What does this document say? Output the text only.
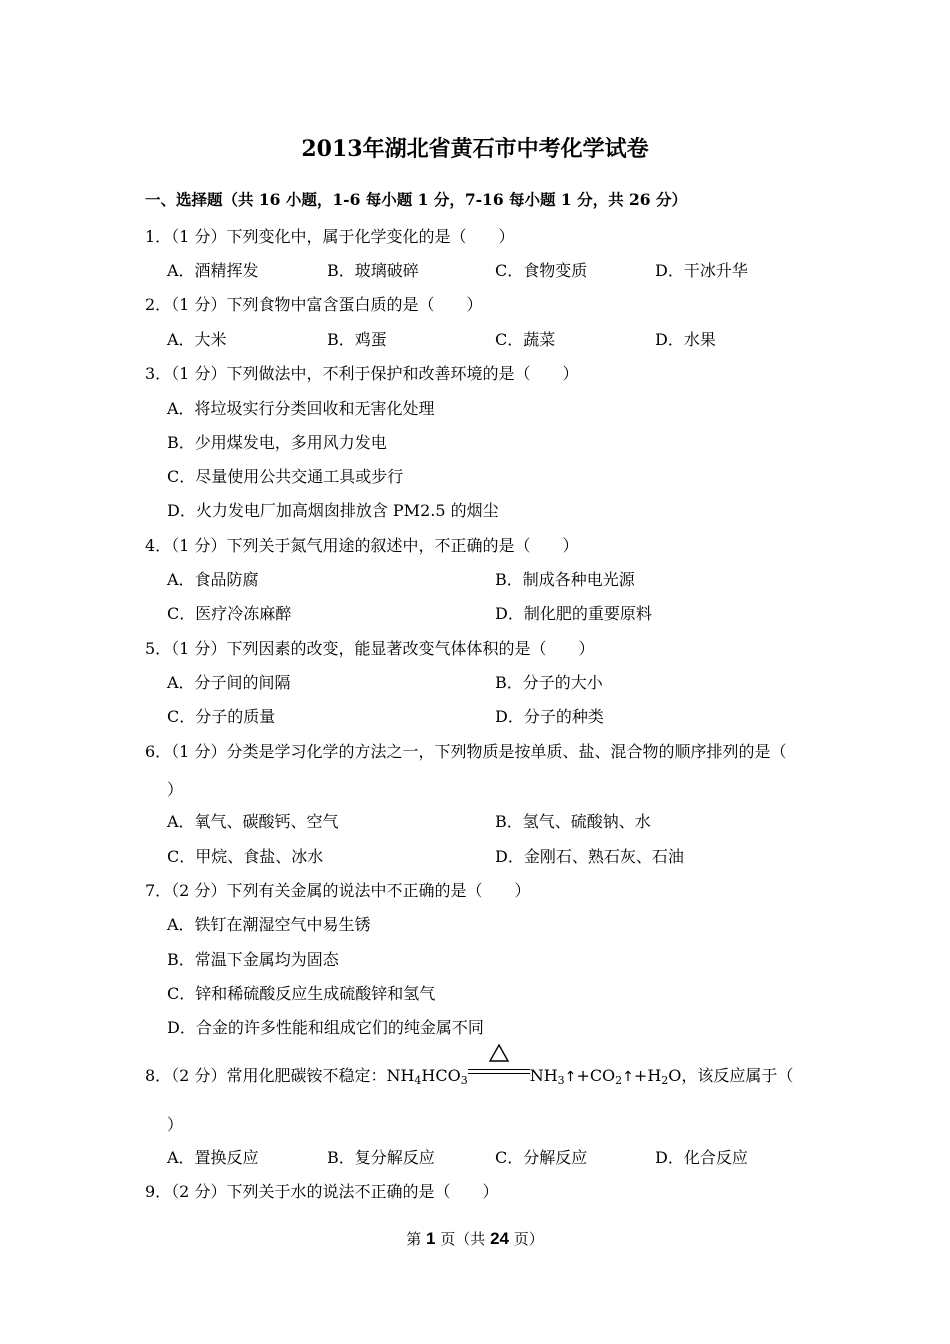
2013年湖北省黄石市中考化学试卷
一、选择题（共 16 小题，1-6 每小题 1 分，7-16 每小题 1 分，共 26 分）
1．（1 分）下列变化中，属于化学变化的是（　　）
A．酒精挥发	B．玻璃破碎	C．食物变质	D．干冰升华
2．（1 分）下列食物中富含蛋白质的是（　　）
A．大米	B．鸡蛋	C．蔬菜	D．水果
3．（1 分）下列做法中，不利于保护和改善环境的是（　　）
A．将垃圾实行分类回收和无害化处理
B．少用煤发电，多用风力发电
C．尽量使用公共交通工具或步行
D．火力发电厂加高烟囱排放含 PM2.5 的烟尘
4．（1 分）下列关于氮气用途的叙述中，不正确的是（　　）
A．食品防腐	B．制成各种电光源
C．医疗冷冻麻醉	D．制化肥的重要原料
5．（1 分）下列因素的改变，能显著改变气体体积的是（　　）
A．分子间的间隔	B．分子的大小
C．分子的质量	D．分子的种类
6．（1 分）分类是学习化学的方法之一，下列物质是按单质、盐、混合物的顺序排列的是（
）
A．氧气、碳酸钙、空气	B．氢气、硫酸钠、水
C．甲烷、食盐、冰水	D．金刚石、熟石灰、石油
7．（2 分）下列有关金属的说法中不正确的是（　　）
A．铁钉在潮湿空气中易生锈
B．常温下金属均为固态
C．锌和稀硫酸反应生成硫酸锌和氢气
D．合金的许多性能和组成它们的纯金属不同
8．（2 分）常用化肥碳铵不稳定：$NH_4HCO_3$	$NH_3↑+CO_2↑+H_2O$，该反应属于（
）
A．置换反应	B．复分解反应	C．分解反应	D．化合反应
9．（2 分）下列关于水的说法不正确的是（　　）
第 1 页（共 24 页）
